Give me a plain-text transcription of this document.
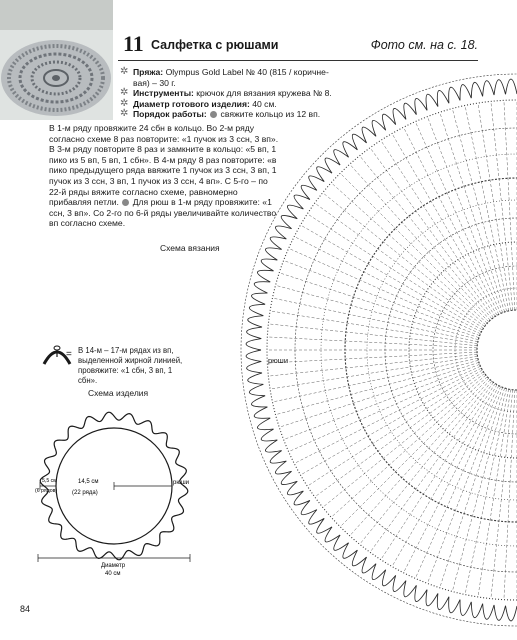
11 Салфетка с рюшами	Фото см. на с. 18.
✲ Пряжа: Olympus Gold Label № 40 (815 / коричне-вая) – 30 г.
✲ Инструменты: крючок для вязания кружева № 8.
✲ Диаметр готового изделия: 40 см.
✲ Порядок работы: свяжите кольцо из 12 вп.
В 1-м ряду провяжите 24 сбн в кольцо. Во 2-м ряду согласно схеме 8 раз повторите: «1 пучок из 3 ссн, 3 вп». В 3-м ряду повторите 8 раз и замкните в кольцо: «5 вп, 1 пико из 5 вп, 5 вп, 1 сбн». В 4-м ряду 8 раз повторите: «в пико предыдущего ряда ввяжите 1 пучок из 3 ссн, 3 вп, 1 пучок из 3 ссн, 3 вп, 1 пучок из 3 ссн, 4 вп». С 5-го – по 22-й ряды вяжите согласно схеме, равномерно прибавляя петли. Для рюш в 1-м ряду провяжите: «1 ссн, 3 вп». Со 2-го по 6-й ряды увеличивайте количество вп согласно схеме.
рюши
Схема вязания
Схема изделия
= В 14-м – 17-м рядах из вп, выделенной жирной линией, провяжите: «1 сбн, 3 вп, 1 сбн».
14,5 см
(22 ряда)
5,5 см
(6 рядов)
рюши
Диаметр
40 см
84
